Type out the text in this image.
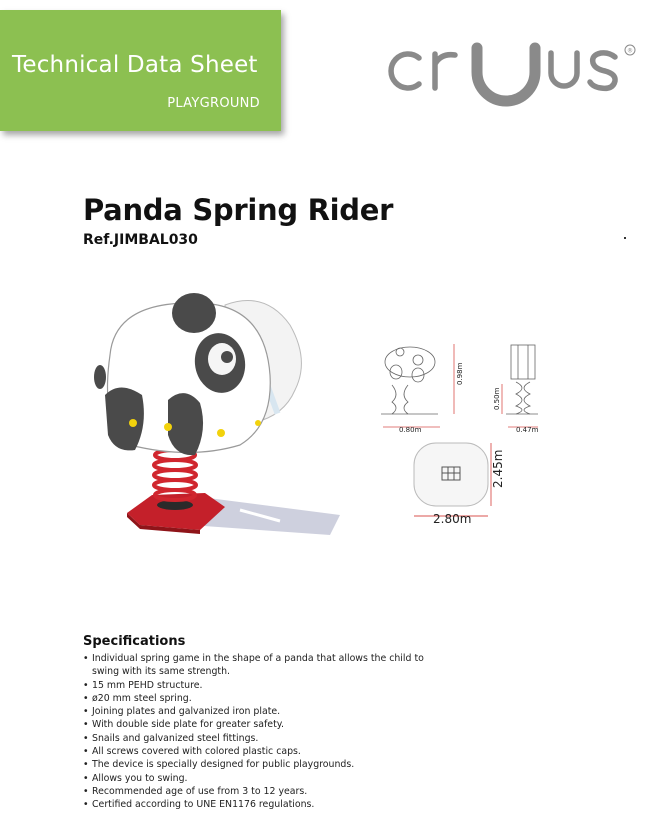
Technical Data Sheet
PLAYGROUND
®
Panda Spring Rider
Ref.JIMBAL030
0.80m
0.98m
0.47m
0.50m
2.80m
2.45m
Specifications
• Individual spring game in the shape of a panda that allows the child to swing with its same strength.
• 15 mm PEHD structure.
• ø20 mm steel spring.
• Joining plates and galvanized iron plate.
• With double side plate for greater safety.
• Snails and galvanized steel fittings.
• All screws covered with colored plastic caps.
• The device is specially designed for public playgrounds.
• Allows you to swing.
• Recommended age of use from 3 to 12 years.
• Certified according to UNE EN1176 regulations.
